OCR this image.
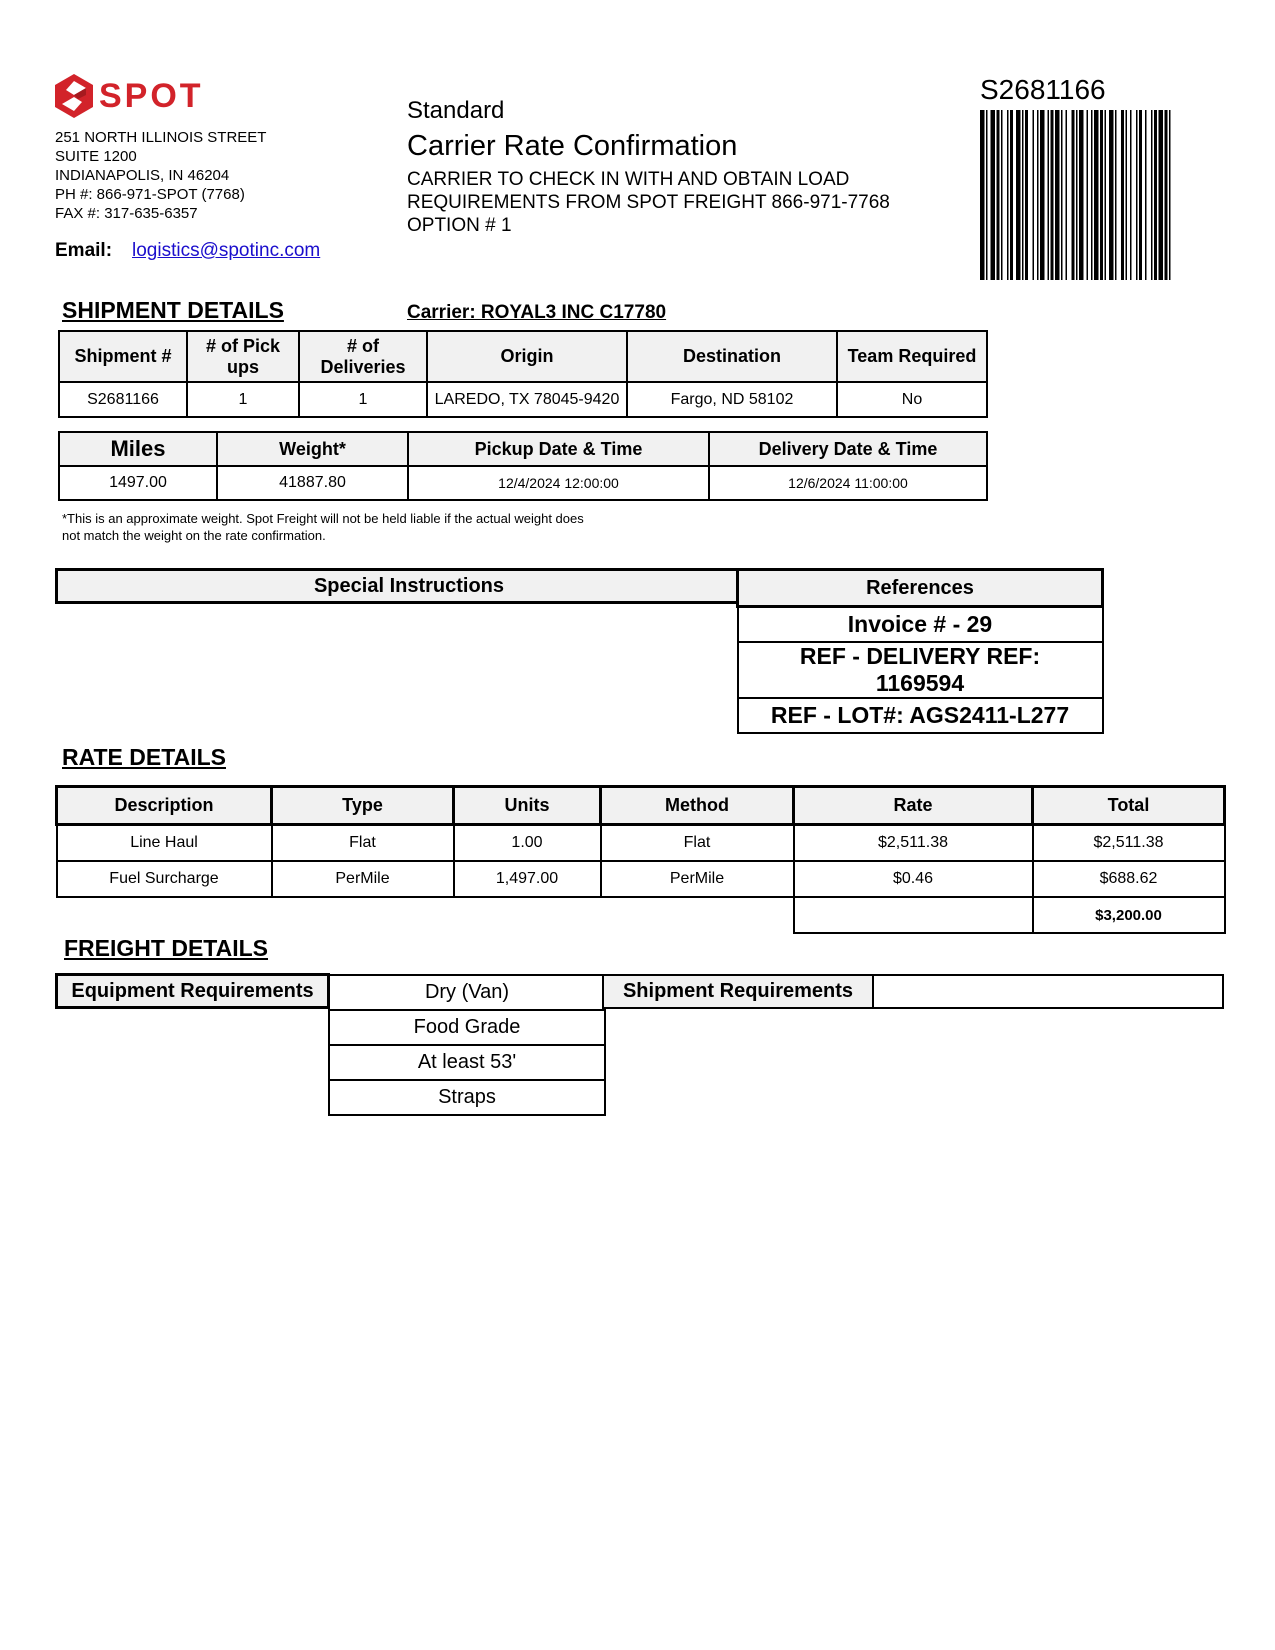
SPOT
251 NORTH ILLINOIS STREET
SUITE 1200
INDIANAPOLIS, IN 46204
PH #: 866-971-SPOT (7768)
FAX #: 317-635-6357
Email: logistics@spotinc.com
Standard
Carrier Rate Confirmation
CARRIER TO CHECK IN WITH AND OBTAIN LOAD
REQUIREMENTS FROM SPOT FREIGHT 866-971-7768
OPTION # 1
S2681166
SHIPMENT DETAILS	Carrier: ROYAL3 INC C17780
Shipment #	# of Pick ups	# of Deliveries	Origin	Destination	Team Required
S2681166	1	1	LAREDO, TX 78045-9420	Fargo, ND 58102	No
Miles	Weight*	Pickup Date & Time	Delivery Date & Time
1497.00	41887.80	12/4/2024 12:00:00	12/6/2024 11:00:00
*This is an approximate weight. Spot Freight will not be held liable if the actual weight does
not match the weight on the rate confirmation.
Special Instructions	References
Invoice # - 29
REF - DELIVERY REF: 1169594
REF - LOT#: AGS2411-L277
RATE DETAILS
Description	Type	Units	Method	Rate	Total
Line Haul	Flat	1.00	Flat	$2,511.38	$2,511.38
Fuel Surcharge	PerMile	1,497.00	PerMile	$0.46	$688.62
					$3,200.00
FREIGHT DETAILS
Equipment Requirements	Dry (Van)
Food Grade
At least 53'
Straps
Shipment Requirements
